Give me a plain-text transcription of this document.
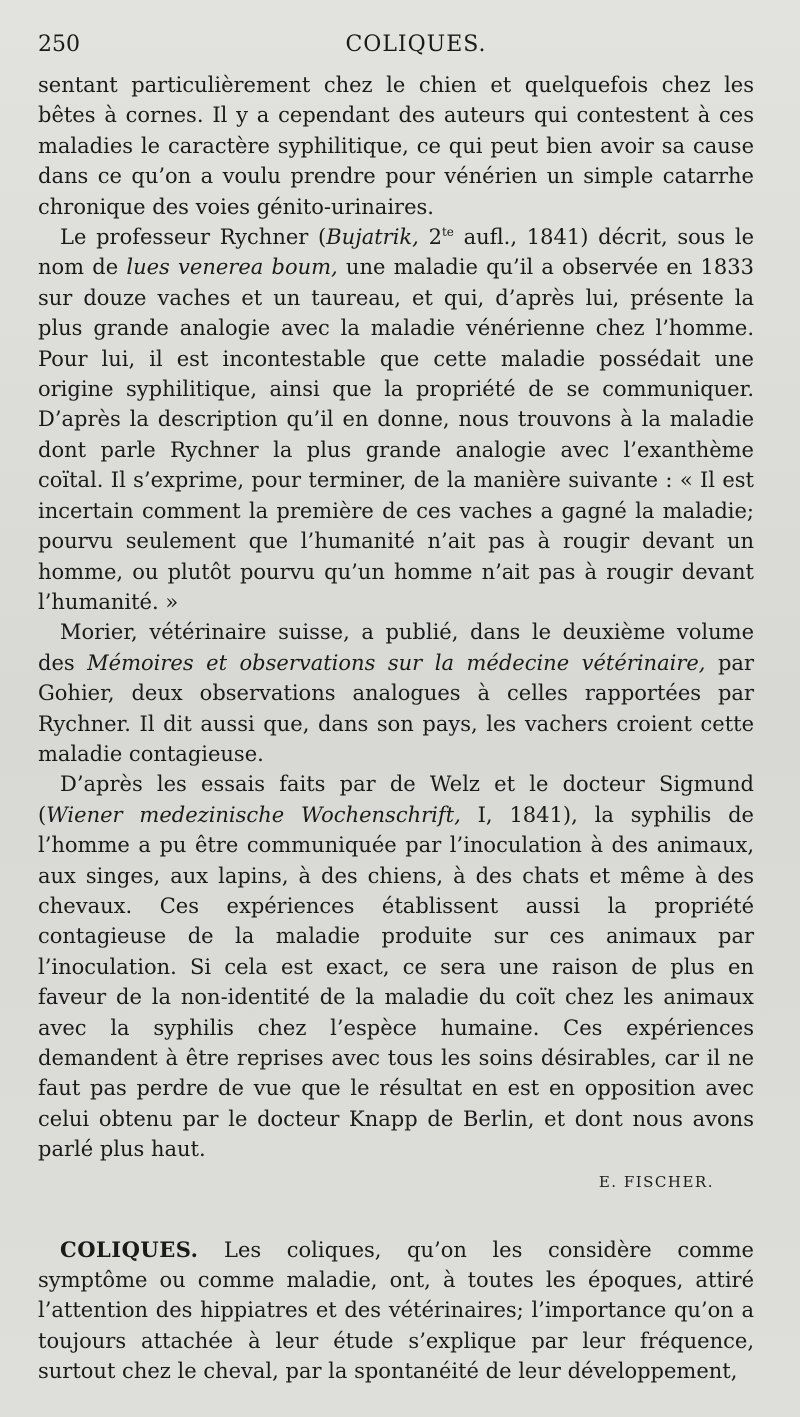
250	COLIQUES.

sentant particulièrement chez le chien et quelquefois chez les bêtes à cornes. Il y a cependant des auteurs qui contestent à ces maladies le caractère syphilitique, ce qui peut bien avoir sa cause dans ce qu’on a voulu prendre pour vénérien un simple catarrhe chronique des voies génito-urinaires.

Le professeur Rychner (Bujatrik, $2^{te}$ aufl., 1841) décrit, sous le nom de lues venerea boum, une maladie qu’il a observée en 1833 sur douze vaches et un taureau, et qui, d’après lui, présente la plus grande analogie avec la maladie vénérienne chez l’homme. Pour lui, il est incontestable que cette maladie possédait une origine syphilitique, ainsi que la propriété de se communiquer. D’après la description qu’il en donne, nous trouvons à la maladie dont parle Rychner la plus grande analogie avec l’exanthème coïtal. Il s’exprime, pour terminer, de la manière suivante : « Il est incertain comment la première de ces vaches a gagné la maladie; pourvu seulement que l’humanité n’ait pas à rougir devant un homme, ou plutôt pourvu qu’un homme n’ait pas à rougir devant l’humanité. »

Morier, vétérinaire suisse, a publié, dans le deuxième volume des Mémoires et observations sur la médecine vétérinaire, par Gohier, deux observations analogues à celles rapportées par Rychner. Il dit aussi que, dans son pays, les vachers croient cette maladie contagieuse.

D’après les essais faits par de Welz et le docteur Sigmund (Wiener medezinische Wochenschrift, I, 1841), la syphilis de l’homme a pu être communiquée par l’inoculation à des animaux, aux singes, aux lapins, à des chiens, à des chats et même à des chevaux. Ces expériences établissent aussi la propriété contagieuse de la maladie produite sur ces animaux par l’inoculation. Si cela est exact, ce sera une raison de plus en faveur de la non-identité de la maladie du coït chez les animaux avec la syphilis chez l’espèce humaine. Ces expériences demandent à être reprises avec tous les soins désirables, car il ne faut pas perdre de vue que le résultat en est en opposition avec celui obtenu par le docteur Knapp de Berlin, et dont nous avons parlé plus haut.

E. FISCHER.

COLIQUES. Les coliques, qu’on les considère comme symptôme ou comme maladie, ont, à toutes les époques, attiré l’attention des hippiatres et des vétérinaires; l’importance qu’on a toujours attachée à leur étude s’explique par leur fréquence, surtout chez le cheval, par la spontanéité de leur développement,
